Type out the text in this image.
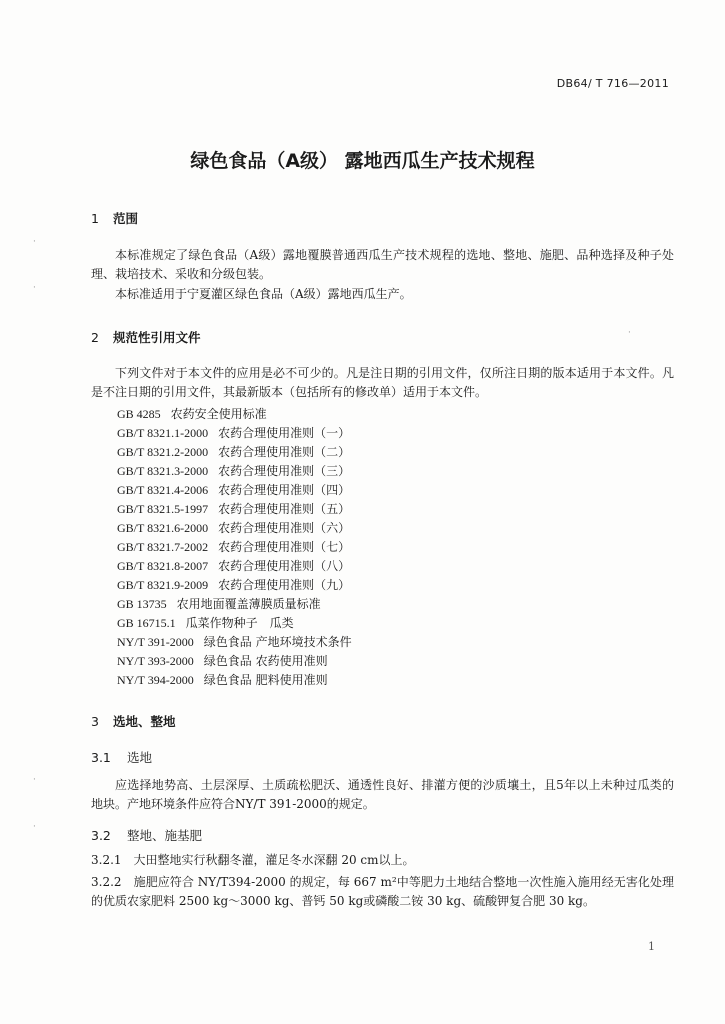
DB64/ T 716—2011
绿色食品（A级） 露地西瓜生产技术规程
1 范围
本标准规定了绿色食品（A级）露地覆膜普通西瓜生产技术规程的选地、整地、施肥、品种选择及种子处理、栽培技术、采收和分级包装。
本标准适用于宁夏灌区绿色食品（A级）露地西瓜生产。
2 规范性引用文件
下列文件对于本文件的应用是必不可少的。凡是注日期的引用文件，仅所注日期的版本适用于本文件。凡是不注日期的引用文件，其最新版本（包括所有的修改单）适用于本文件。
GB 4285 农药安全使用标准
GB/T 8321.1-2000 农药合理使用准则（一）
GB/T 8321.2-2000 农药合理使用准则（二）
GB/T 8321.3-2000 农药合理使用准则（三）
GB/T 8321.4-2006 农药合理使用准则（四）
GB/T 8321.5-1997 农药合理使用准则（五）
GB/T 8321.6-2000 农药合理使用准则（六）
GB/T 8321.7-2002 农药合理使用准则（七）
GB/T 8321.8-2007 农药合理使用准则（八）
GB/T 8321.9-2009 农药合理使用准则（九）
GB 13735 农用地面覆盖薄膜质量标准
GB 16715.1 瓜菜作物种子　瓜类
NY/T 391-2000 绿色食品 产地环境技术条件
NY/T 393-2000 绿色食品 农药使用准则
NY/T 394-2000 绿色食品 肥料使用准则
3 选地、整地
3.1 选地
应选择地势高、土层深厚、土质疏松肥沃、通透性良好、排灌方便的沙质壤土，且5年以上未种过瓜类的地块。产地环境条件应符合NY/T 391-2000的规定。
3.2 整地、施基肥
3.2.1　大田整地实行秋翻冬灌，灌足冬水深翻 20 cm以上。
3.2.2　施肥应符合 NY/T394-2000 的规定，每 667 m²中等肥力土地结合整地一次性施入施用经无害化处理的优质农家肥料 2500 kg～3000 kg、普钙 50 kg或磷酸二铵 30 kg、硫酸钾复合肥 30 kg。
1
·
·
·
·
·
